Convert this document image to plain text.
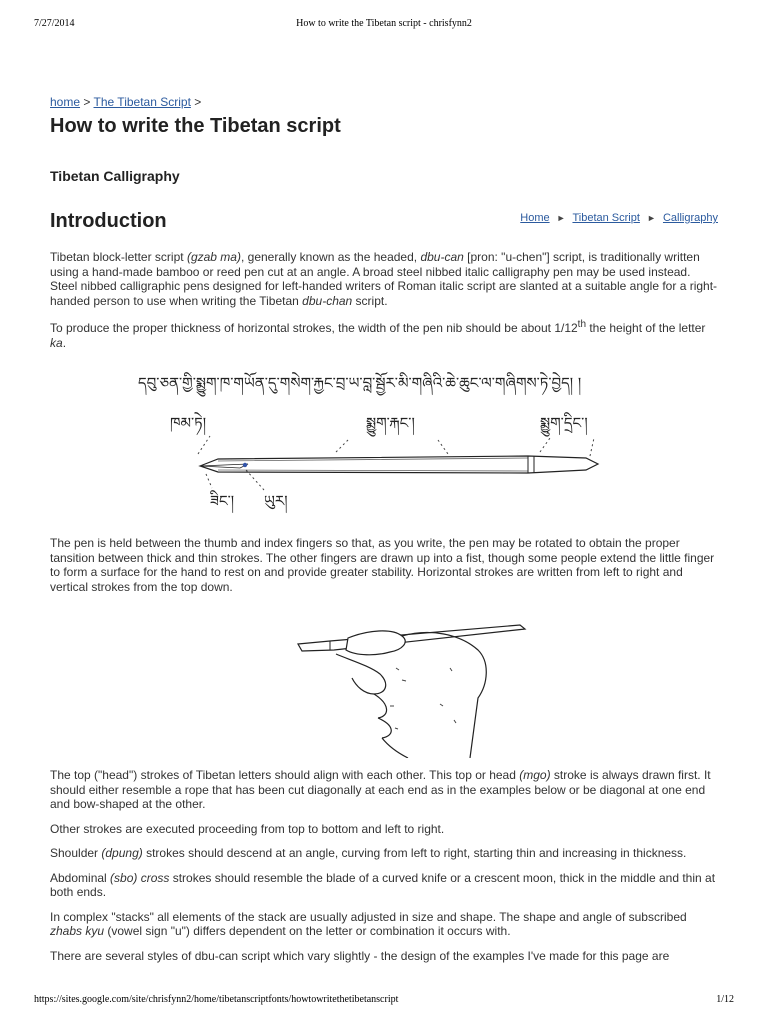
7/27/2014	How to write the Tibetan script - chrisfynn2
home > The Tibetan Script >
How to write the Tibetan script
Tibetan Calligraphy
Introduction	Home ► Tibetan Script ► Calligraphy

Tibetan block-letter script (gzab ma), generally known as the headed, dbu-can [pron: "u-chen"] script, is traditionally written using a hand-made bamboo or reed pen cut at an angle. A broad steel nibbed italic calligraphy pen may be used instead. Steel nibbed calligraphic pens designed for left-handed writers of Roman italic script are slanted at a suitable angle for a right-handed person to use when writing the Tibetan dbu-chan script.

To produce the proper thickness of horizontal strokes, the width of the pen nib should be about 1/12th the height of the letter ka.

དབུ་ཅན་གྱི་སྨྱུག་ཁ་གཡོན་དུ་གསེག་རྐྱང་བྲ་ཡ་བླ་སྦྱོར་མི་གཞིའི་ཆེ་ཆུང་ལ་གཞིགས་ཏེ་བྱེད། །
ཁམ་ཏེ།	སྨྱུག་རྐང་།	སྨྱུག་དྲིང་།
ཟིང་། ཡུར།

The pen is held between the thumb and index fingers so that, as you write, the pen may be rotated to obtain the proper tansition between thick and thin strokes. The other fingers are drawn up into a fist, though some people extend the little finger to form a surface for the hand to rest on and provide greater stability. Horizontal strokes are written from left to right and vertical strokes from the top down.

The top ("head") strokes of Tibetan letters should align with each other. This top or head (mgo) stroke is always drawn first. It should either resemble a rope that has been cut diagonally at each end as in the examples below or be diagonal at one end and bow-shaped at the other.

Other strokes are executed proceeding from top to bottom and left to right.

Shoulder (dpung) strokes should descend at an angle, curving from left to right, starting thin and increasing in thickness.

Abdominal (sbo) cross strokes should resemble the blade of a curved knife or a crescent moon, thick in the middle and thin at both ends.

In complex "stacks" all elements of the stack are usually adjusted in size and shape. The shape and angle of subscribed zhabs kyu (vowel sign "u") differs dependent on the letter or combination it occurs with.

There are several styles of dbu-can script which vary slightly - the design of the examples I've made for this page are

https://sites.google.com/site/chrisfynn2/home/tibetanscriptfonts/howtowritethetibetanscript	1/12
